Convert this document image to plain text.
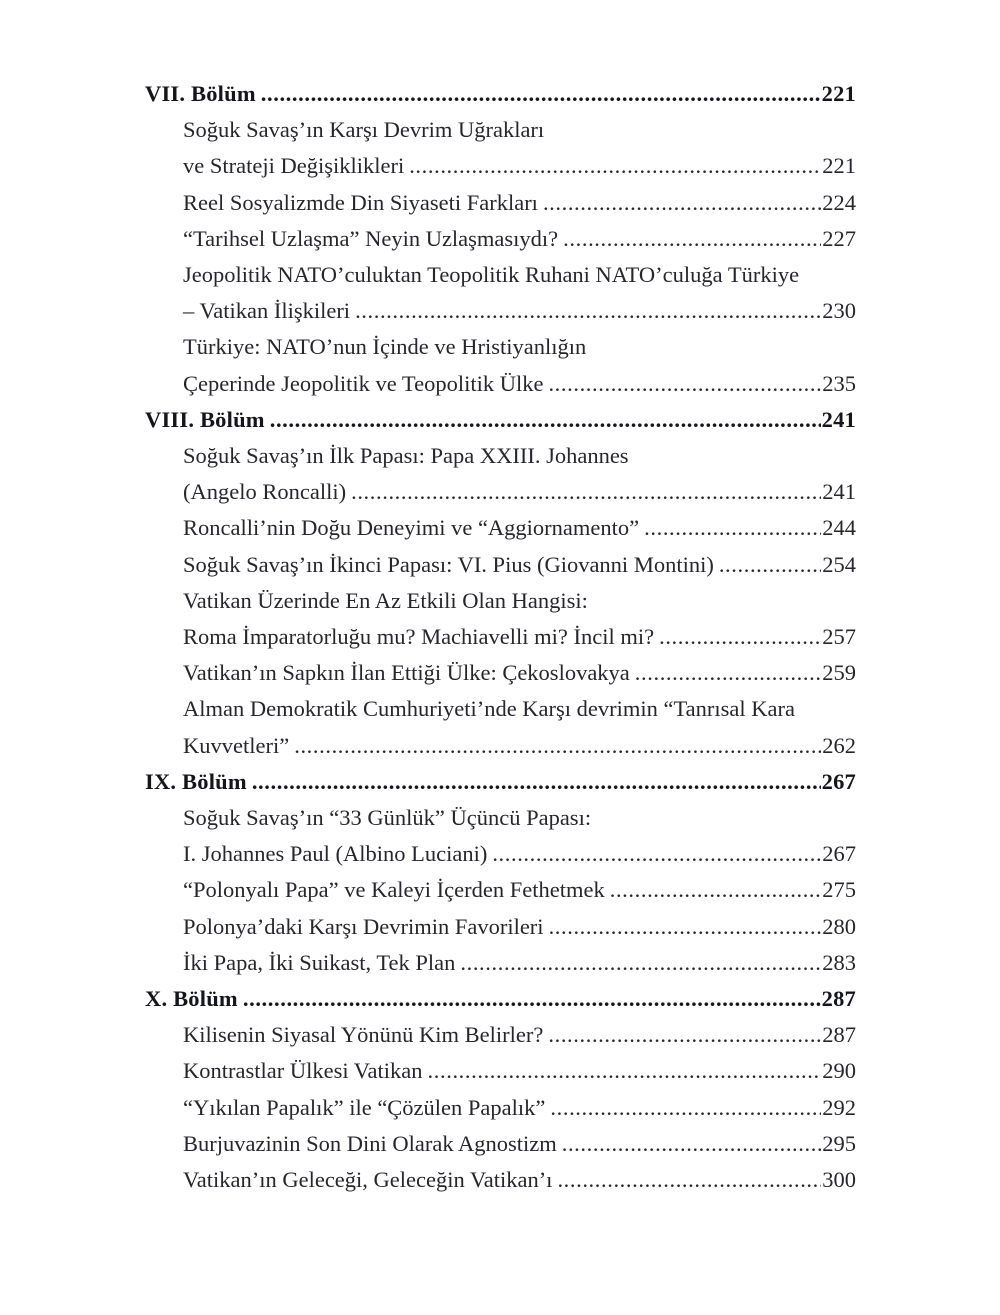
VII. Bölüm .....	221
Soğuk Savaş’ın Karşı Devrim Uğrakları
ve Strateji Değişiklikleri .....	221
Reel Sosyalizmde Din Siyaseti Farkları .....	224
“Tarihsel Uzlaşma” Neyin Uzlaşmasıydı? .....	227
Jeopolitik NATO’culuktan Teopolitik Ruhani NATO’culuğa Türkiye
– Vatikan İlişkileri .....	230
Türkiye: NATO’nun İçinde ve Hristiyanlığın
Çeperinde Jeopolitik ve Teopolitik Ülke .....	235
VIII. Bölüm .....	241
Soğuk Savaş’ın İlk Papası: Papa XXIII. Johannes
(Angelo Roncalli) .....	241
Roncalli’nin Doğu Deneyimi ve “Aggiornamento” .....	244
Soğuk Savaş’ın İkinci Papası: VI. Pius (Giovanni Montini) .....	254
Vatikan Üzerinde En Az Etkili Olan Hangisi:
Roma İmparatorluğu mu? Machiavelli mi? İncil mi? .....	257
Vatikan’ın Sapkın İlan Ettiği Ülke: Çekoslovakya .....	259
Alman Demokratik Cumhuriyeti’nde Karşı devrimin “Tanrısal Kara
Kuvvetleri” .....	262
IX. Bölüm .....	267
Soğuk Savaş’ın “33 Günlük” Üçüncü Papası:
I. Johannes Paul (Albino Luciani) .....	267
“Polonyalı Papa” ve Kaleyi İçerden Fethetmek .....	275
Polonya’daki Karşı Devrimin Favorileri .....	280
İki Papa, İki Suikast, Tek Plan .....	283
X. Bölüm .....	287
Kilisenin Siyasal Yönünü Kim Belirler? .....	287
Kontrastlar Ülkesi Vatikan .....	290
“Yıkılan Papalık” ile “Çözülen Papalık” .....	292
Burjuvazinin Son Dini Olarak Agnostizm .....	295
Vatikan’ın Geleceği, Geleceğin Vatikan’ı .....	300
